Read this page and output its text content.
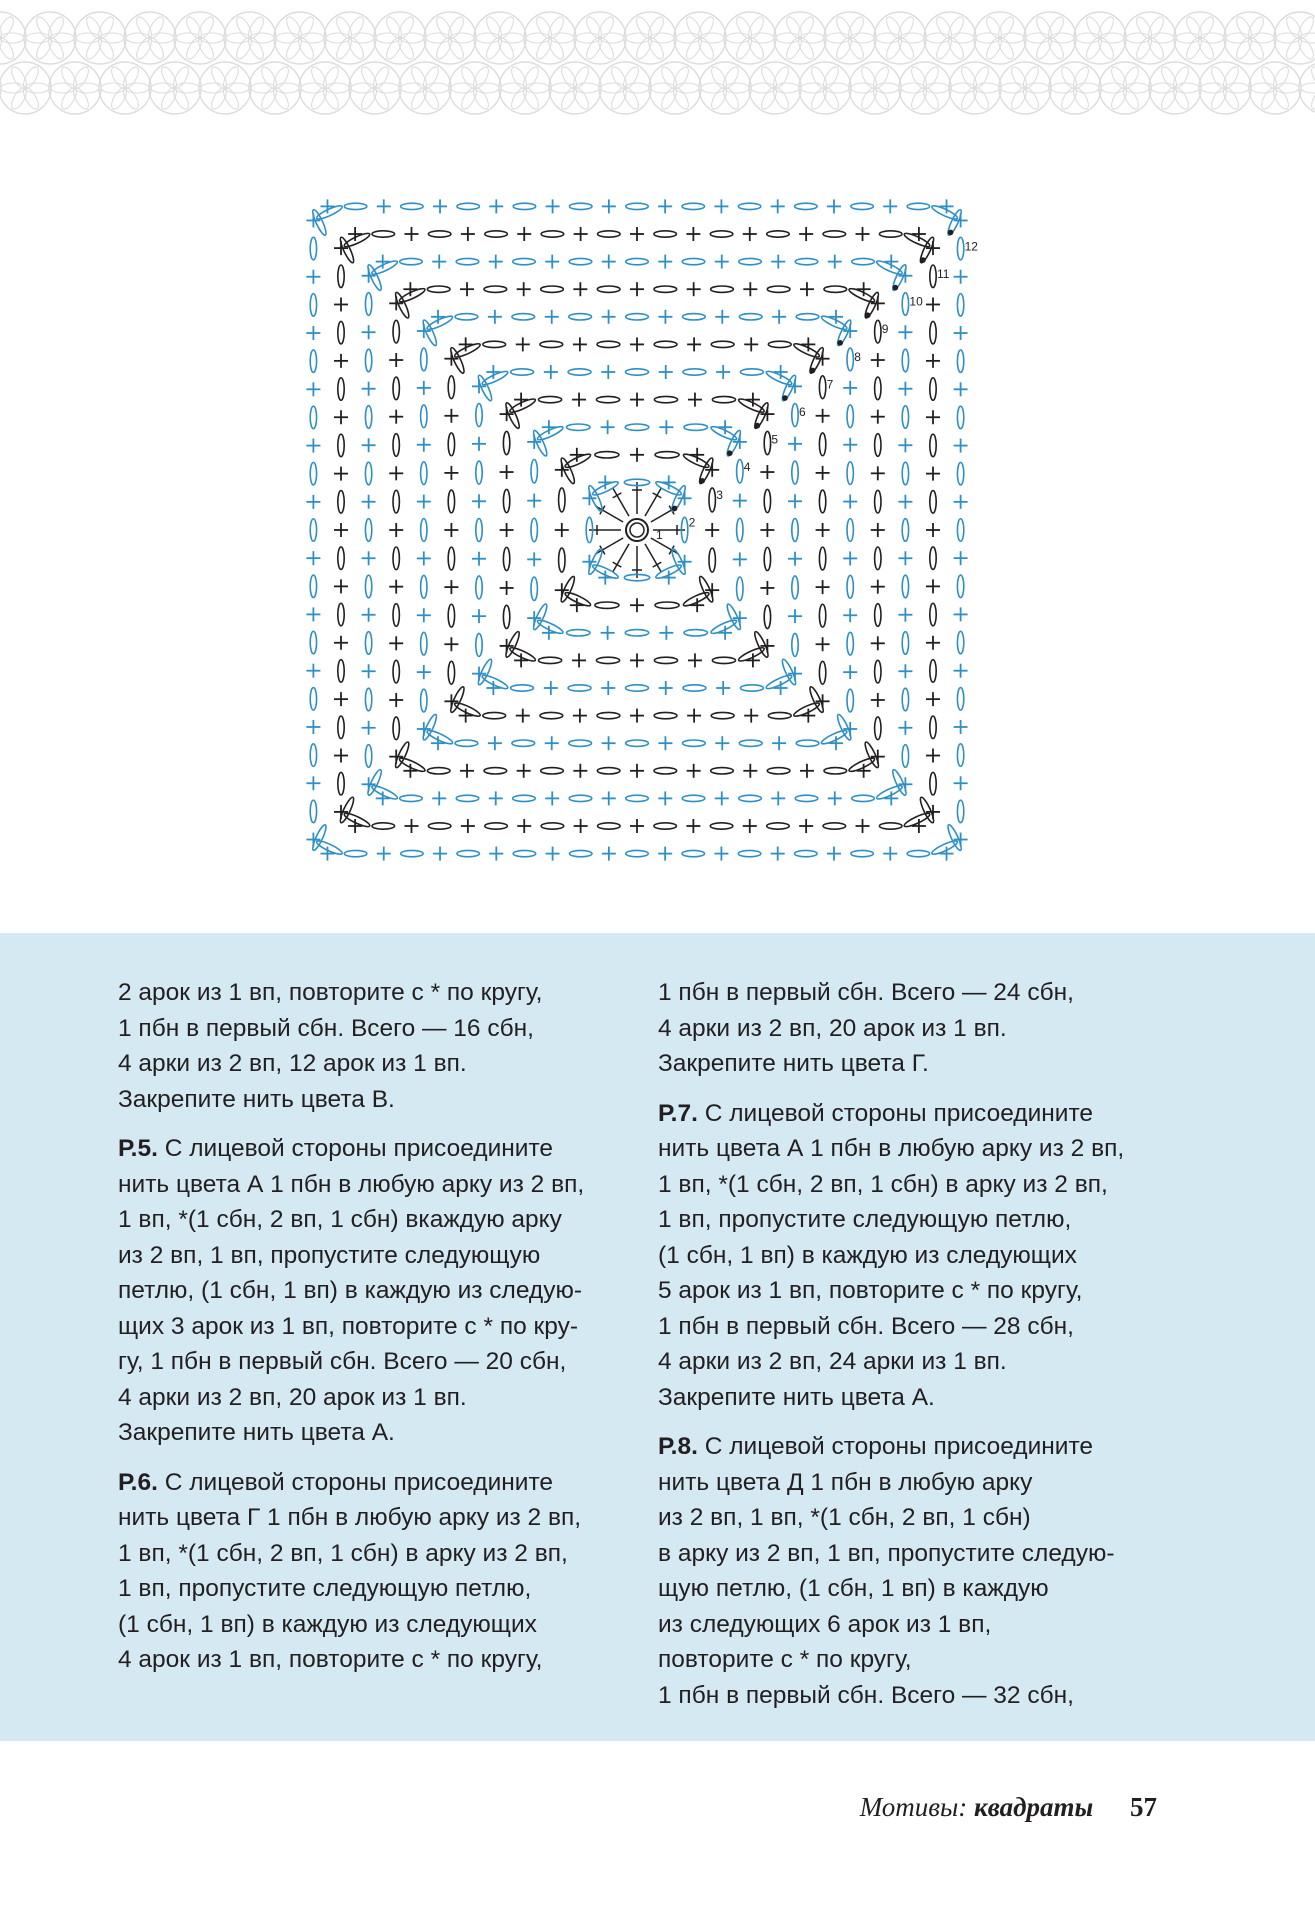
1
2
3
4
5
6
7
8
9
10
11
12

2 арок из 1 вп, повторите с * по кругу,
1 пбн в первый сбн. Всего — 16 сбн,
4 арки из 2 вп, 12 арок из 1 вп.
Закрепите нить цвета В.

Р.5. С лицевой стороны присоедините
нить цвета А 1 пбн в любую арку из 2 вп,
1 вп, *(1 сбн, 2 вп, 1 сбн) вкаждую арку
из 2 вп, 1 вп, пропустите следующую
петлю, (1 сбн, 1 вп) в каждую из следую-
щих 3 арок из 1 вп, повторите с * по кру-
гу, 1 пбн в первый сбн. Всего — 20 сбн,
4 арки из 2 вп, 20 арок из 1 вп.
Закрепите нить цвета А.

Р.6. С лицевой стороны присоедините
нить цвета Г 1 пбн в любую арку из 2 вп,
1 вп, *(1 сбн, 2 вп, 1 сбн) в арку из 2 вп,
1 вп, пропустите следующую петлю,
(1 сбн, 1 вп) в каждую из следующих
4 арок из 1 вп, повторите с * по кругу,

1 пбн в первый сбн. Всего — 24 сбн,
4 арки из 2 вп, 20 арок из 1 вп.
Закрепите нить цвета Г.

Р.7. С лицевой стороны присоедините
нить цвета А 1 пбн в любую арку из 2 вп,
1 вп, *(1 сбн, 2 вп, 1 сбн) в арку из 2 вп,
1 вп, пропустите следующую петлю,
(1 сбн, 1 вп) в каждую из следующих
5 арок из 1 вп, повторите с * по кругу,
1 пбн в первый сбн. Всего — 28 сбн,
4 арки из 2 вп, 24 арки из 1 вп.
Закрепите нить цвета А.

Р.8. С лицевой стороны присоедините
нить цвета Д 1 пбн в любую арку
из 2 вп, 1 вп, *(1 сбн, 2 вп, 1 сбн)
в арку из 2 вп, 1 вп, пропустите следую-
щую петлю, (1 сбн, 1 вп) в каждую
из следующих 6 арок из 1 вп,
повторите с * по кругу,
1 пбн в первый сбн. Всего — 32 сбн,

Мотивы: квадраты 57
